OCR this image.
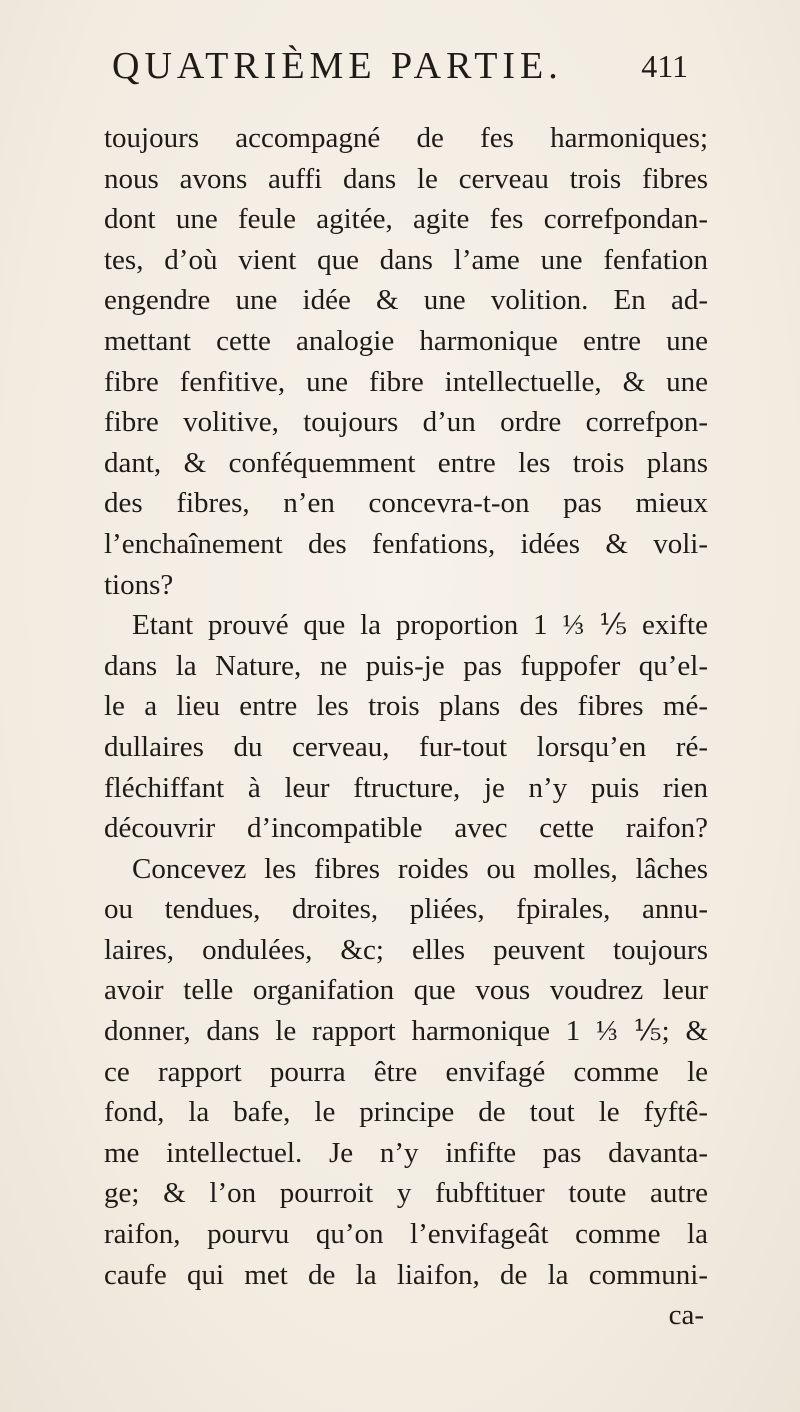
QUATRIÈME PARTIE. 411
toujours accompagné de fes harmoniques;
nous avons auffi dans le cerveau trois fibres
dont une feule agitée, agite fes correfpondan-
tes, d’où vient que dans l’ame une fenfation
engendre une idée & une volition. En ad-
mettant cette analogie harmonique entre une
fibre fenfitive, une fibre intellectuelle, & une
fibre volitive, toujours d’un ordre correfpon-
dant, & conféquemment entre les trois plans
des fibres, n’en concevra-t-on pas mieux
l’enchaînement des fenfations, idées & voli-
tions?
Etant prouvé que la proportion 1 ⅓ ⅕ exifte
dans la Nature, ne puis-je pas fuppofer qu’el-
le a lieu entre les trois plans des fibres mé-
dullaires du cerveau, fur-tout lorsqu’en ré-
fléchiffant à leur ftructure, je n’y puis rien
découvrir d’incompatible avec cette raifon?
Concevez les fibres roides ou molles, lâches
ou tendues, droites, pliées, fpirales, annu-
laires, ondulées, &c; elles peuvent toujours
avoir telle organifation que vous voudrez leur
donner, dans le rapport harmonique 1 ⅓ ⅕; &
ce rapport pourra être envifagé comme le
fond, la bafe, le principe de tout le fyftê-
me intellectuel. Je n’y infifte pas davanta-
ge; & l’on pourroit y fubftituer toute autre
raifon, pourvu qu’on l’envifageât comme la
caufe qui met de la liaifon, de la communi-
ca-
